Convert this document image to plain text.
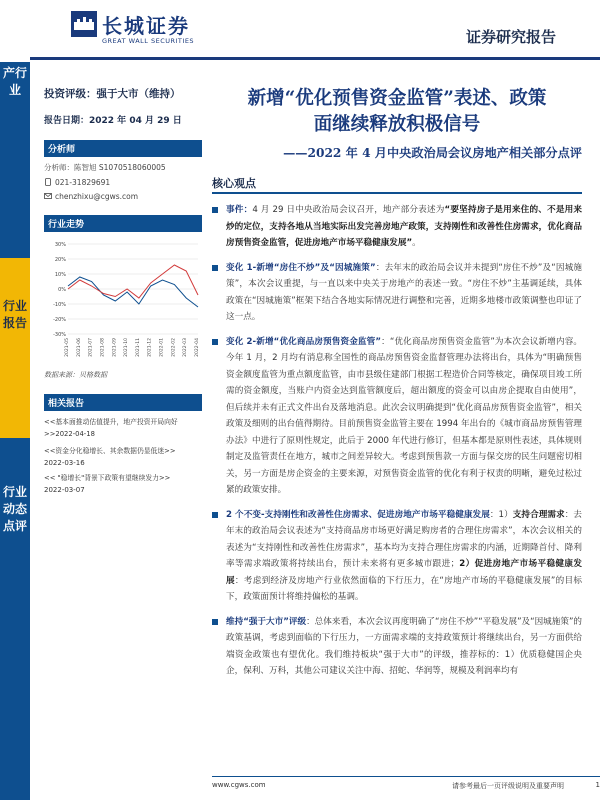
产行业
行业报告
行业动态点评
长城证券
GREAT WALL SECURITIES	证券研究报告
投资评级：强于大市（维持）
报告日期：2022 年 04 月 29 日
分析师
分析师：陈智旭 S1070518060005
021-31829691
chenzhixu@cgws.com
行业走势
30%
20%
10%
0%
-10%
-20%
-30%
2021-05 2021-06 2021-07 2021-08 2021-09 2021-10 2021-11 2021-12 2022-01 2022-02 2022-03 2022-04
数据来源：贝格数据
相关报告
<<基本面推动估值提升，地产投资开局向好>>2022-04-18
<<资金分化稳增长、其余数据仍显低迷>>
2022-03-16
<< "稳增长"背景下政策有望继续发力>>
2022-03-07
新增“优化预售资金监管”表述、政策
面继续释放积极信号
——2022 年 4 月中央政治局会议房地产相关部分点评
核心观点
事件：4 月 29 日中央政治局会议召开，地产部分表述为“要坚持房子是用来住的、不是用来炒的定位，支持各地从当地实际出发完善房地产政策，支持刚性和改善性住房需求，优化商品房预售资金监管，促进房地产市场平稳健康发展”。
变化 1-新增“房住不炒”及“因城施策”：去年末的政治局会议并未提到“房住不炒”及“因城施策”，本次会议重提，与一直以来中央关于房地产的表述一致。“房住不炒”主基调延续，具体政策在“因城施策”框架下结合各地实际情况进行调整和完善，近期多地楼市政策调整也印证了这一点。
变化 2-新增“优化商品房预售资金监管”：“优化商品房预售资金监管”为本次会议新增内容。今年 1 月，2 月均有消息称全国性的商品房预售资金监督管理办法将出台，具体为“明确预售资金额度监管为重点额度监管，由市县级住建部门根据工程造价合同等核定，确保项目竣工所需的资金额度，当账户内资金达到监管额度后，超出额度的资金可以由房企提取自由使用”，但后续并未有正式文件出台及落地消息。此次会议明确提到“优化商品房预售资金监管”，相关政策及细则的出台值得期待。目前预售资金监管主要在 1994 年出台的《城市商品房预售管理办法》中进行了原则性规定，此后于 2000 年代进行修订，但基本都是原则性表述，具体规则制定及监管责任在地方，城市之间差异较大。考虑到预售款一方面与保交房的民生问题密切相关，另一方面是房企资金的主要来源，对预售资金监管的优化有利于权责的明晰，避免过松过紧的政策安排。
2 个不变-支持刚性和改善性住房需求、促进房地产市场平稳健康发展：1）支持合理需求：去年末的政治局会议表述为“支持商品房市场更好满足购房者的合理住房需求”，本次会议相关的表述为“支持刚性和改善性住房需求”，基本均为支持合理住房需求的内涵，近期降首付、降利率等需求端政策将持续出台，预计未来将有更多城市跟进；2）促进房地产市场平稳健康发展：考虑到经济及房地产行业依然面临的下行压力，在“房地产市场的平稳健康发展”的目标下，政策面预计将维持偏松的基调。
维持“强于大市”评级：总体来看，本次会议再度明确了“房住不炒”“平稳发展”及“因城施策”的政策基调，考虑到面临的下行压力，一方面需求端的支持政策预计将继续出台，另一方面供给端资金政策也有望优化。我们维持板块“强于大市”的评级，推荐标的：1）优质稳健国企央企，保利、万科，其他公司建议关注中海、招蛇、华润等，规模及利润率均有
www.cgws.com	请参考最后一页评级说明及重要声明	1
